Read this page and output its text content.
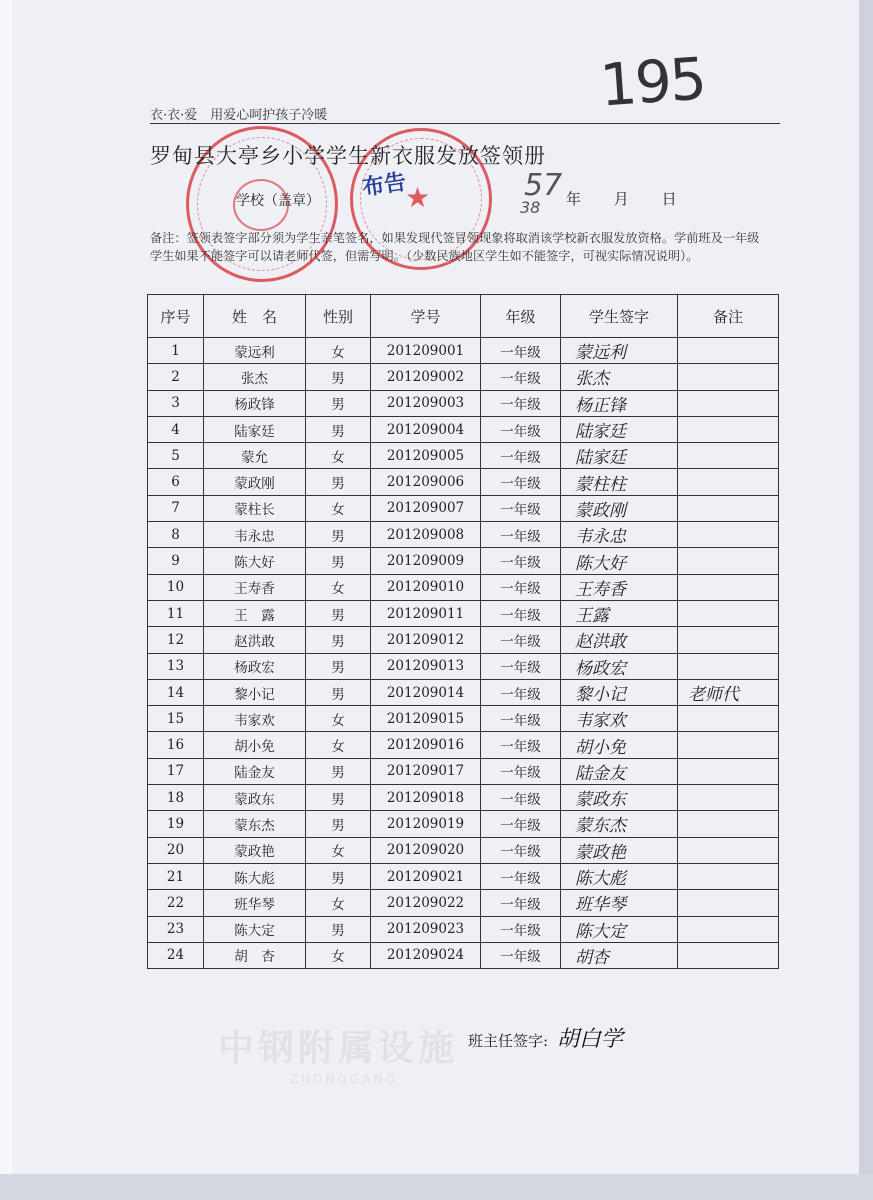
中钢附属设施
ZHONGGANG
195
衣·衣·爱　用爱心呵护孩子冷暖
★
罗甸县大亭乡小学学生新衣服发放签领册
布告
学校（盖章）	57
38 年 月 日
备注：签领表签字部分须为学生亲笔签名，如果发现代签冒领现象将取消该学校新衣服发放资格。学前班及一年级学生如果不能签字可以请老师代签，但需写明。（少数民族地区学生如不能签字，可视实际情况说明）。
序号	姓　名	性别	学号	年级	学生签字	备注
1	蒙远利	女	201209001	一年级	蒙远利	
2	张杰	男	201209002	一年级	张杰	
3	杨政锋	男	201209003	一年级	杨正锋	
4	陆家廷	男	201209004	一年级	陆家廷	
5	蒙允	女	201209005	一年级	陆家廷	
6	蒙政刚	男	201209006	一年级	蒙柱柱	
7	蒙柱长	女	201209007	一年级	蒙政刚	
8	韦永忠	男	201209008	一年级	韦永忠	
9	陈大好	男	201209009	一年级	陈大好	
10	王寿香	女	201209010	一年级	王寿香	
11	王　露	男	201209011	一年级	王露	
12	赵洪敢	男	201209012	一年级	赵洪敢	
13	杨政宏	男	201209013	一年级	杨政宏	
14	黎小记	男	201209014	一年级	黎小记	老师代
15	韦家欢	女	201209015	一年级	韦家欢	
16	胡小免	女	201209016	一年级	胡小免	
17	陆金友	男	201209017	一年级	陆金友	
18	蒙政东	男	201209018	一年级	蒙政东	
19	蒙东杰	男	201209019	一年级	蒙东杰	
20	蒙政艳	女	201209020	一年级	蒙政艳	
21	陈大彪	男	201209021	一年级	陈大彪	
22	班华琴	女	201209022	一年级	班华琴	
23	陈大定	男	201209023	一年级	陈大定	
24	胡　杏	女	201209024	一年级	胡杏	
班主任签字: 胡白学
